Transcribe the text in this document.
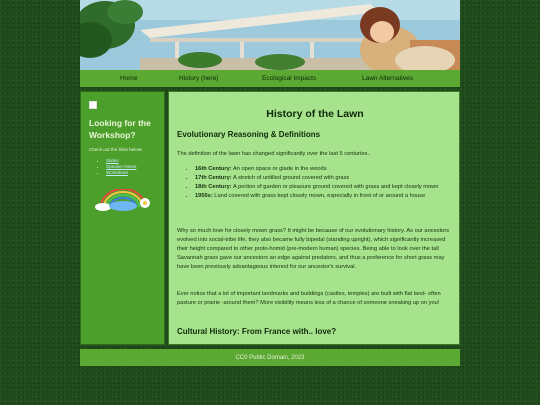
Home	History (here)	Ecological Impacts	Lawn Alternatives
Looking for the Workshop?

Check out the links below!

• Slides
• Speaker Notes
• Worksheet
History of the Lawn
Evolutionary Reasoning & Definitions

The definition of the lawn has changed significantly over the last 5 centuries..

• 16th Century: An open space or glade in the woods
• 17th Century: A stretch of untilled ground covered with grass
• 18th Century: A portion of garden or pleasure ground covered with grass and kept closely mown
• 1950s: Land covered with grass kept closely mown, especially in front of or around a house

Why so much love for closely mown grass? It might be because of our evolutionary history. As our ancestors evolved into social-tribe life, they also became fully bipedal (standing upright), which significantly increased their height compared to other proto-homid (pre-modern human) species. Being able to look over the tall Savannah grass gave our ancestors an edge against predators, and thus a preference for short grass may have been previously advantageous interest for our ancestor's survival.

Ever notice that a lot of important landmarks and buildings (castles, temples) are built with flat land- often pasture or prairie -around them? More visibility means less of a chance of someone sneaking up on you!

Cultural History: From France with.. love?
CC0 Public Domain, 2023
